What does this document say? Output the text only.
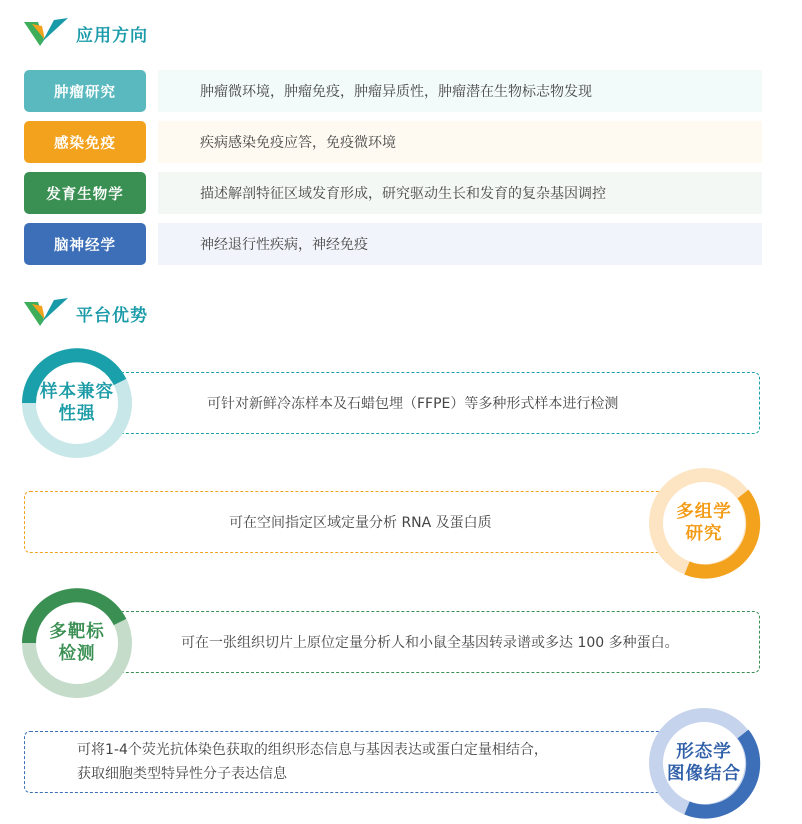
应用方向
肿瘤研究	肿瘤微环境，肿瘤免疫，肿瘤异质性，肿瘤潜在生物标志物发现
感染免疫	疾病感染免疫应答，免疫微环境
发育生物学	描述解剖特征区域发育形成，研究驱动生长和发育的复杂基因调控
脑神经学	神经退行性疾病，神经免疫
平台优势
可针对新鲜冷冻样本及石蜡包埋（FFPE）等多种形式样本进行检测
样本兼容
性强
可在空间指定区域定量分析 RNA 及蛋白质
多组学
研究
可在一张组织切片上原位定量分析人和小鼠全基因转录谱或多达 100 多种蛋白。
多靶标
检测
可将1-4个荧光抗体染色获取的组织形态信息与基因表达或蛋白定量相结合，
获取细胞类型特异性分子表达信息
形态学
图像结合
